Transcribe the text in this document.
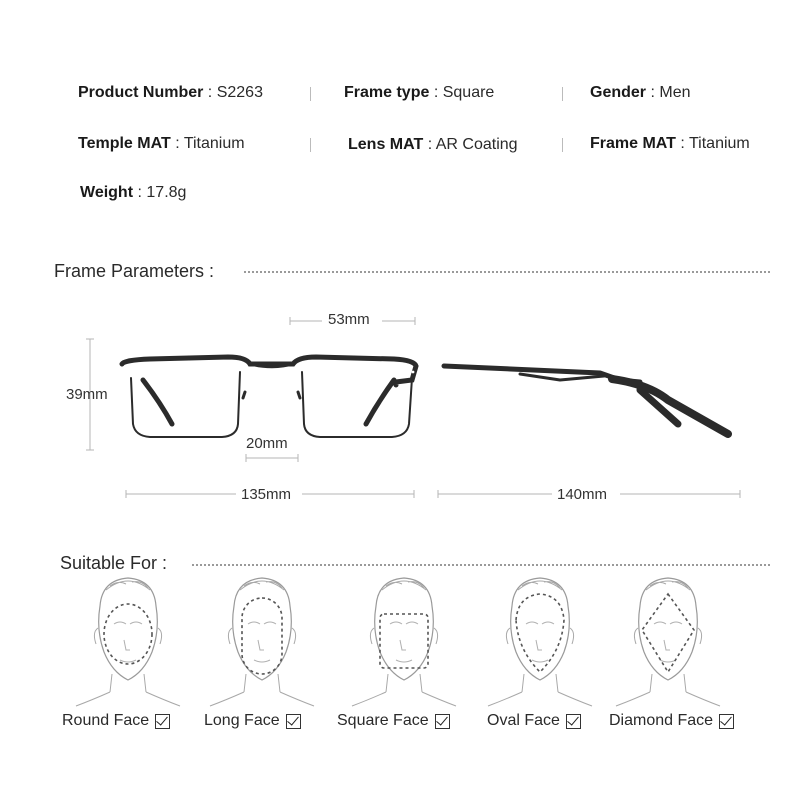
Product Number : S2263	Frame type : Square	Gender : Men
Temple MAT : Titanium	Lens MAT : AR Coating	Frame MAT : Titanium
Weight : 17.8g
Frame Parameters :
53mm
39mm
20mm
135mm	140mm
Suitable For :
Round Face	Long Face	Square Face	Oval Face	Diamond Face
